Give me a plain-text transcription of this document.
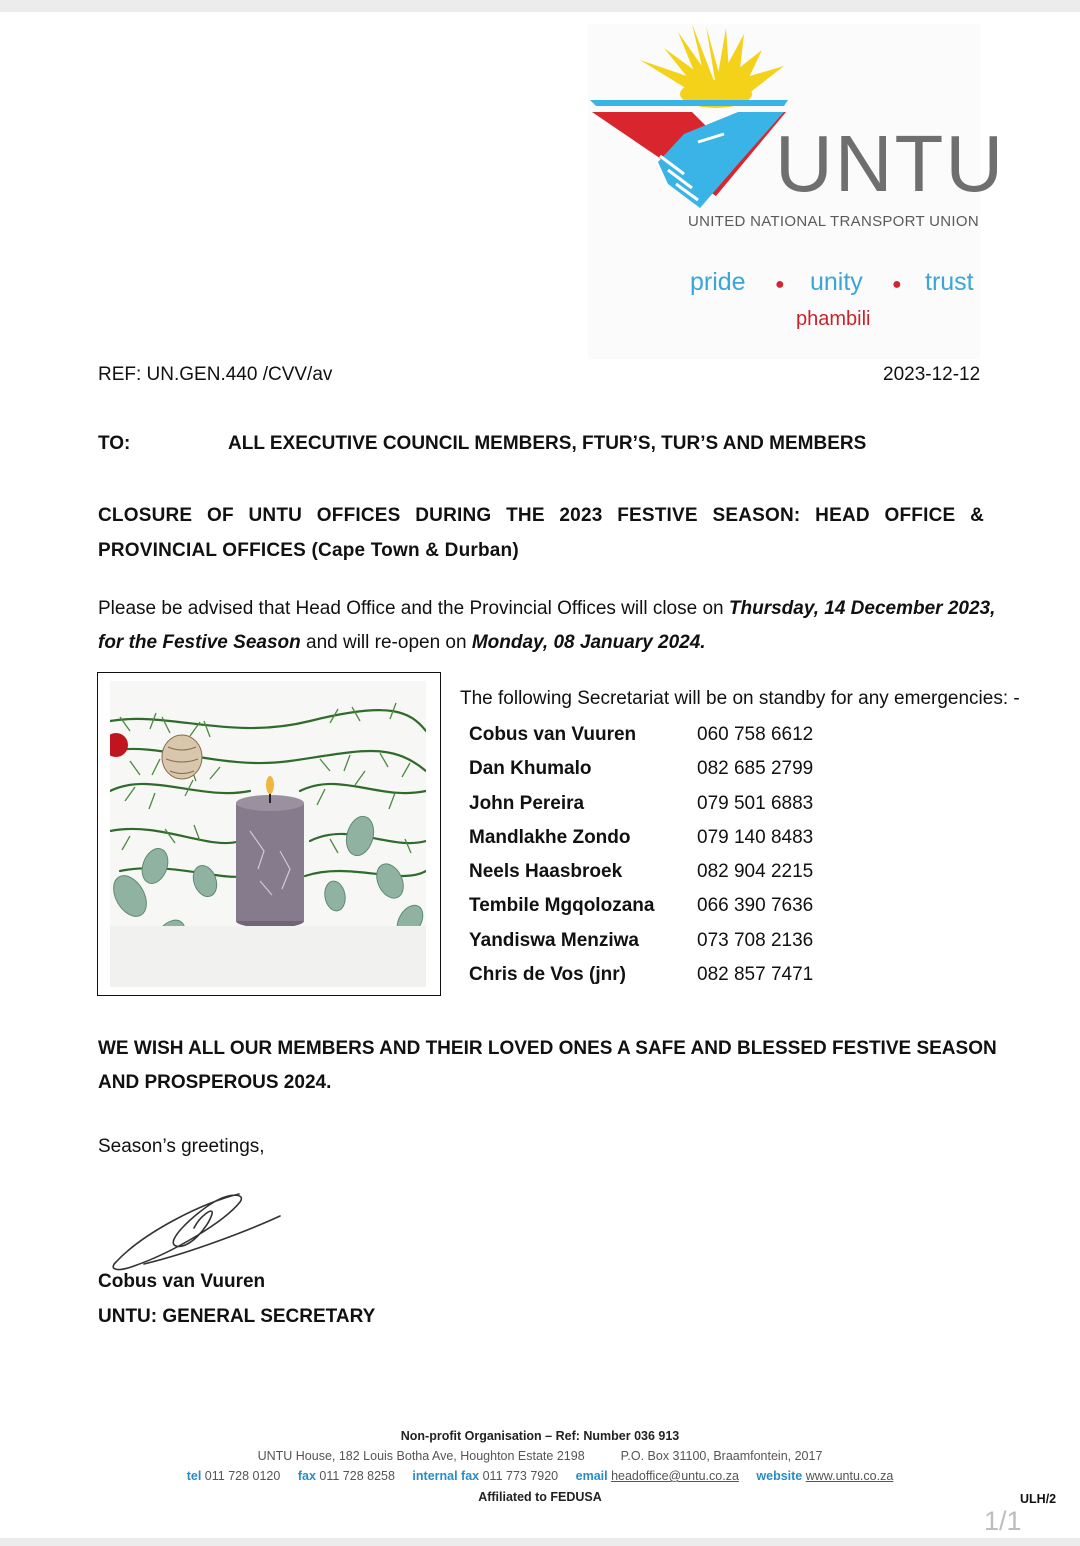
UNTU
UNITED NATIONAL TRANSPORT UNION
pride ● unity ● trust
phambili
REF: UN.GEN.440 /CVV/av	2023-12-12
TO:	ALL EXECUTIVE COUNCIL MEMBERS, FTUR’S, TUR’S AND MEMBERS
CLOSURE OF UNTU OFFICES DURING THE 2023 FESTIVE SEASON: HEAD OFFICE &
PROVINCIAL OFFICES (Cape Town & Durban)
Please be advised that Head Office and the Provincial Offices will close on Thursday, 14 December 2023, for the Festive Season and will re-open on Monday, 08 January 2024.
The following Secretariat will be on standby for any emergencies: -
Cobus van Vuuren	060 758 6612
Dan Khumalo	082 685 2799
John Pereira	079 501 6883
Mandlakhe Zondo	079 140 8483
Neels Haasbroek	082 904 2215
Tembile Mgqolozana	066 390 7636
Yandiswa Menziwa	073 708 2136
Chris de Vos (jnr)	082 857 7471
WE WISH ALL OUR MEMBERS AND THEIR LOVED ONES A SAFE AND BLESSED FESTIVE SEASON AND PROSPEROUS 2024.
Season’s greetings,
Cobus van Vuuren
UNTU: GENERAL SECRETARY
Non-profit Organisation – Ref: Number 036 913
UNTU House, 182 Louis Botha Ave, Houghton Estate 2198	P.O. Box 31100, Braamfontein, 2017
tel 011 728 0120 fax 011 728 8258 internal fax 011 773 7920 email headoffice@untu.co.za website www.untu.co.za
Affiliated to FEDUSA	ULH/2
1/1
